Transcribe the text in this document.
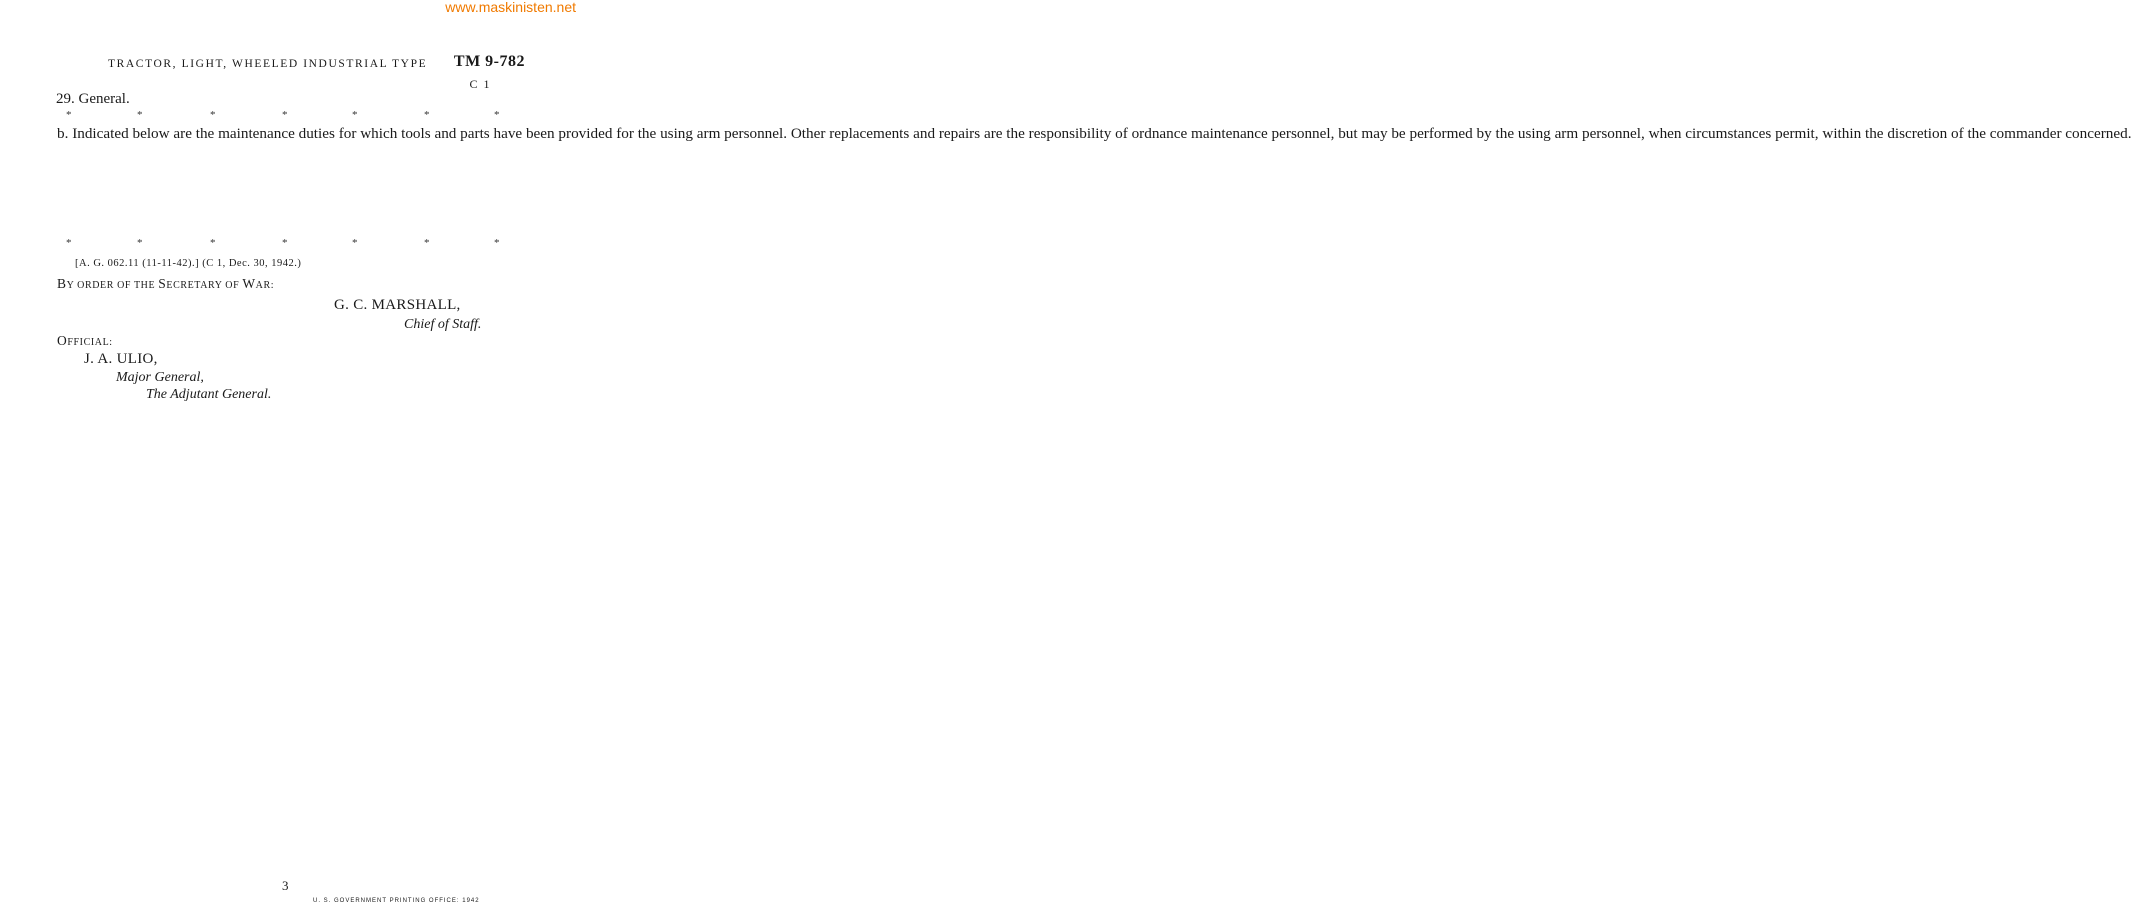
www.maskinisten.net
TRACTOR, LIGHT, WHEELED INDUSTRIAL TYPE TM 9-782
C 1
29. General.
*	*	*	*	*	*	*

b. Indicated below are the maintenance duties for which tools and parts have been provided for the using arm personnel. Other replacements and repairs are the responsibility of ordnance maintenance personnel, but may be performed by the using arm personnel, when circumstances permit, within the discretion of the commander concerned.

*	*	*	*	*	*	*
[A. G. 062.11 (11-11-42).] (C 1, Dec. 30, 1942.)
BY ORDER OF THE SECRETARY OF WAR:
G. C. MARSHALL,
Chief of Staff.
OFFICIAL:
J. A. ULIO,
Major General,
The Adjutant General.
3
U. S. GOVERNMENT PRINTING OFFICE: 1942
